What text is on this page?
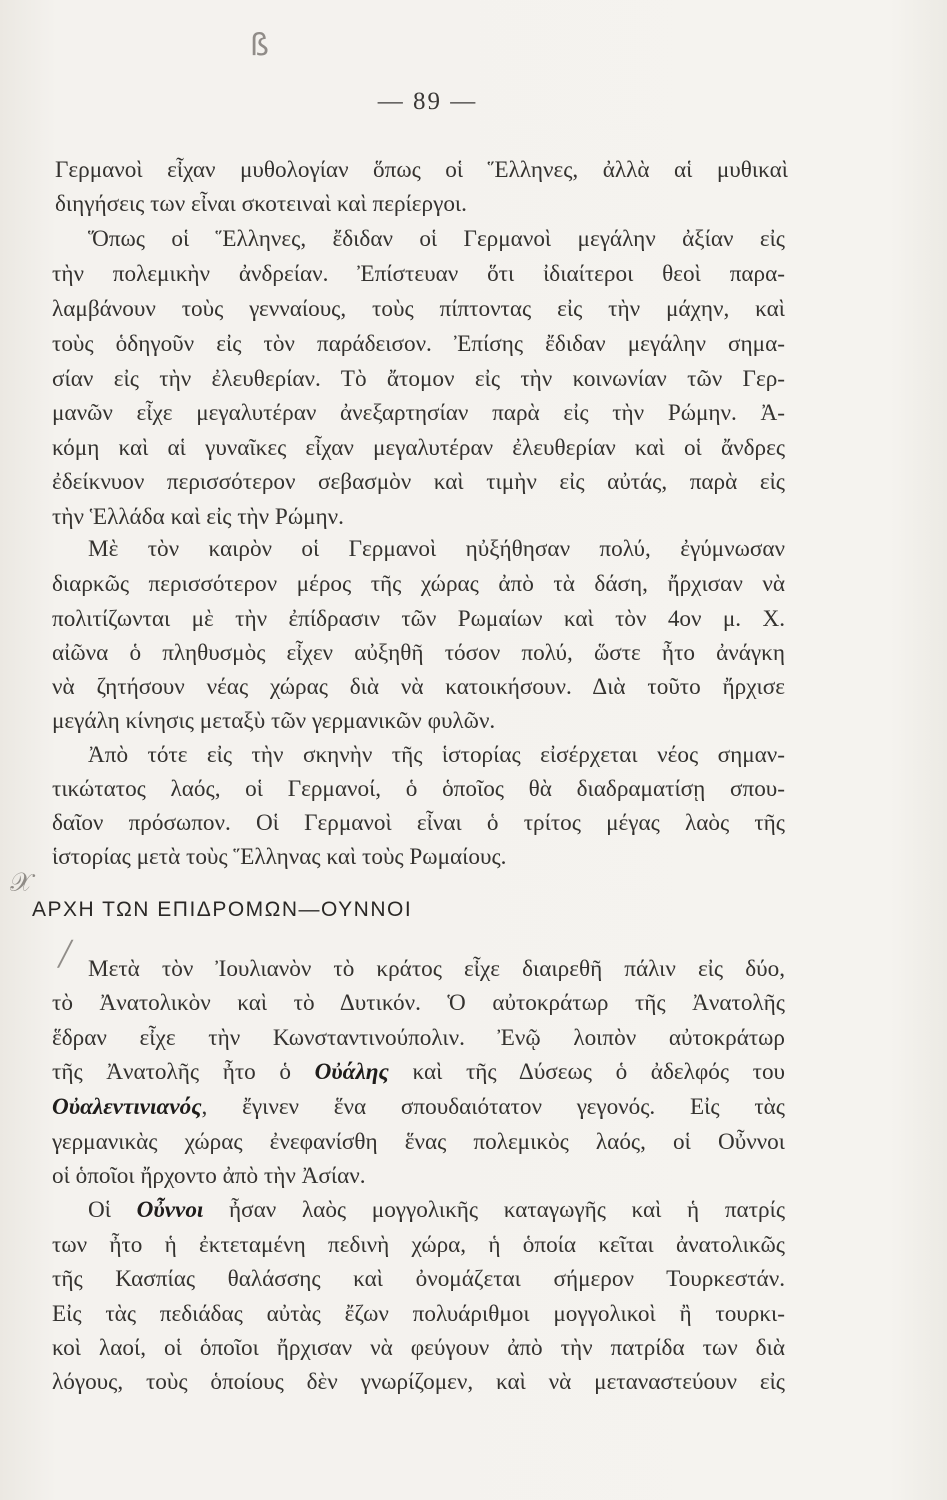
ß
𝒳
╱
— 89 —
Γερμανοὶ εἶχαν μυθολογίαν ὅπως οἱ Ἕλληνες, ἀλλὰ αἱ μυθικαὶ
διηγήσεις των εἶναι σκοτειναὶ καὶ περίεργοι.
Ὅπως οἱ Ἕλληνες, ἔδιδαν οἱ Γερμανοὶ μεγάλην ἀξίαν εἰς
τὴν πολεμικὴν ἀνδρείαν. Ἐπίστευαν ὅτι ἰδιαίτεροι θεοὶ παρα-
λαμβάνουν τοὺς γενναίους, τοὺς πίπτοντας εἰς τὴν μάχην, καὶ
τοὺς ὁδηγοῦν εἰς τὸν παράδεισον. Ἐπίσης ἔδιδαν μεγάλην σημα-
σίαν εἰς τὴν ἐλευθερίαν. Τὸ ἄτομον εἰς τὴν κοινωνίαν τῶν Γερ-
μανῶν εἶχε μεγαλυτέραν ἀνεξαρτησίαν παρὰ εἰς τὴν Ρώμην. Ἀ-
κόμη καὶ αἱ γυναῖκες εἶχαν μεγαλυτέραν ἐλευθερίαν καὶ οἱ ἄνδρες
ἐδείκνυον περισσότερον σεβασμὸν καὶ τιμὴν εἰς αὐτάς, παρὰ εἰς
τὴν Ἑλλάδα καὶ εἰς τὴν Ρώμην.
Μὲ τὸν καιρὸν οἱ Γερμανοὶ ηὐξήθησαν πολύ, ἐγύμνωσαν
διαρκῶς περισσότερον μέρος τῆς χώρας ἀπὸ τὰ δάση, ἤρχισαν νὰ
πολιτίζωνται μὲ τὴν ἐπίδρασιν τῶν Ρωμαίων καὶ τὸν 4ον μ. Χ.
αἰῶνα ὁ πληθυσμὸς εἶχεν αὐξηθῆ τόσον πολύ, ὥστε ἦτο ἀνάγκη
νὰ ζητήσουν νέας χώρας διὰ νὰ κατοικήσουν. Διὰ τοῦτο ἤρχισε
μεγάλη κίνησις μεταξὺ τῶν γερμανικῶν φυλῶν.
Ἀπὸ τότε εἰς τὴν σκηνὴν τῆς ἱστορίας εἰσέρχεται νέος σημαν-
τικώτατος λαός, οἱ Γερμανοί, ὁ ὁποῖος θὰ διαδραματίσῃ σπου-
δαῖον πρόσωπον. Οἱ Γερμανοὶ εἶναι ὁ τρίτος μέγας λαὸς τῆς
ἱστορίας μετὰ τοὺς Ἕλληνας καὶ τοὺς Ρωμαίους.
ΑΡΧΗ ΤΩΝ ΕΠΙΔΡΟΜΩΝ—ΟΥΝΝΟΙ
Μετὰ τὸν Ἰουλιανὸν τὸ κράτος εἶχε διαιρεθῆ πάλιν εἰς δύο,
τὸ Ἀνατολικὸν καὶ τὸ Δυτικόν. Ὁ αὐτοκράτωρ τῆς Ἀνατολῆς
ἕδραν εἶχε τὴν Κωνσταντινούπολιν. Ἐνῷ λοιπὸν αὐτοκράτωρ
τῆς Ἀνατολῆς ἦτο ὁ Οὐάλης καὶ τῆς Δύσεως ὁ ἀδελφός του
Οὐαλεντινιανός, ἔγινεν ἕνα σπουδαιότατον γεγονός. Εἰς τὰς
γερμανικὰς χώρας ἐνεφανίσθη ἕνας πολεμικὸς λαός, οἱ Οὖννοι
οἱ ὁποῖοι ἤρχοντο ἀπὸ τὴν Ἀσίαν.
Οἱ Οὖννοι ἦσαν λαὸς μογγολικῆς καταγωγῆς καὶ ἡ πατρίς
των ἦτο ἡ ἐκτεταμένη πεδινὴ χώρα, ἡ ὁποία κεῖται ἀνατολικῶς
τῆς Κασπίας θαλάσσης καὶ ὀνομάζεται σήμερον Τουρκεστάν.
Εἰς τὰς πεδιάδας αὐτὰς ἔζων πολυάριθμοι μογγολικοὶ ἢ τουρκι-
κοὶ λαοί, οἱ ὁποῖοι ἤρχισαν νὰ φεύγουν ἀπὸ τὴν πατρίδα των διὰ
λόγους, τοὺς ὁποίους δὲν γνωρίζομεν, καὶ νὰ μεταναστεύουν εἰς
